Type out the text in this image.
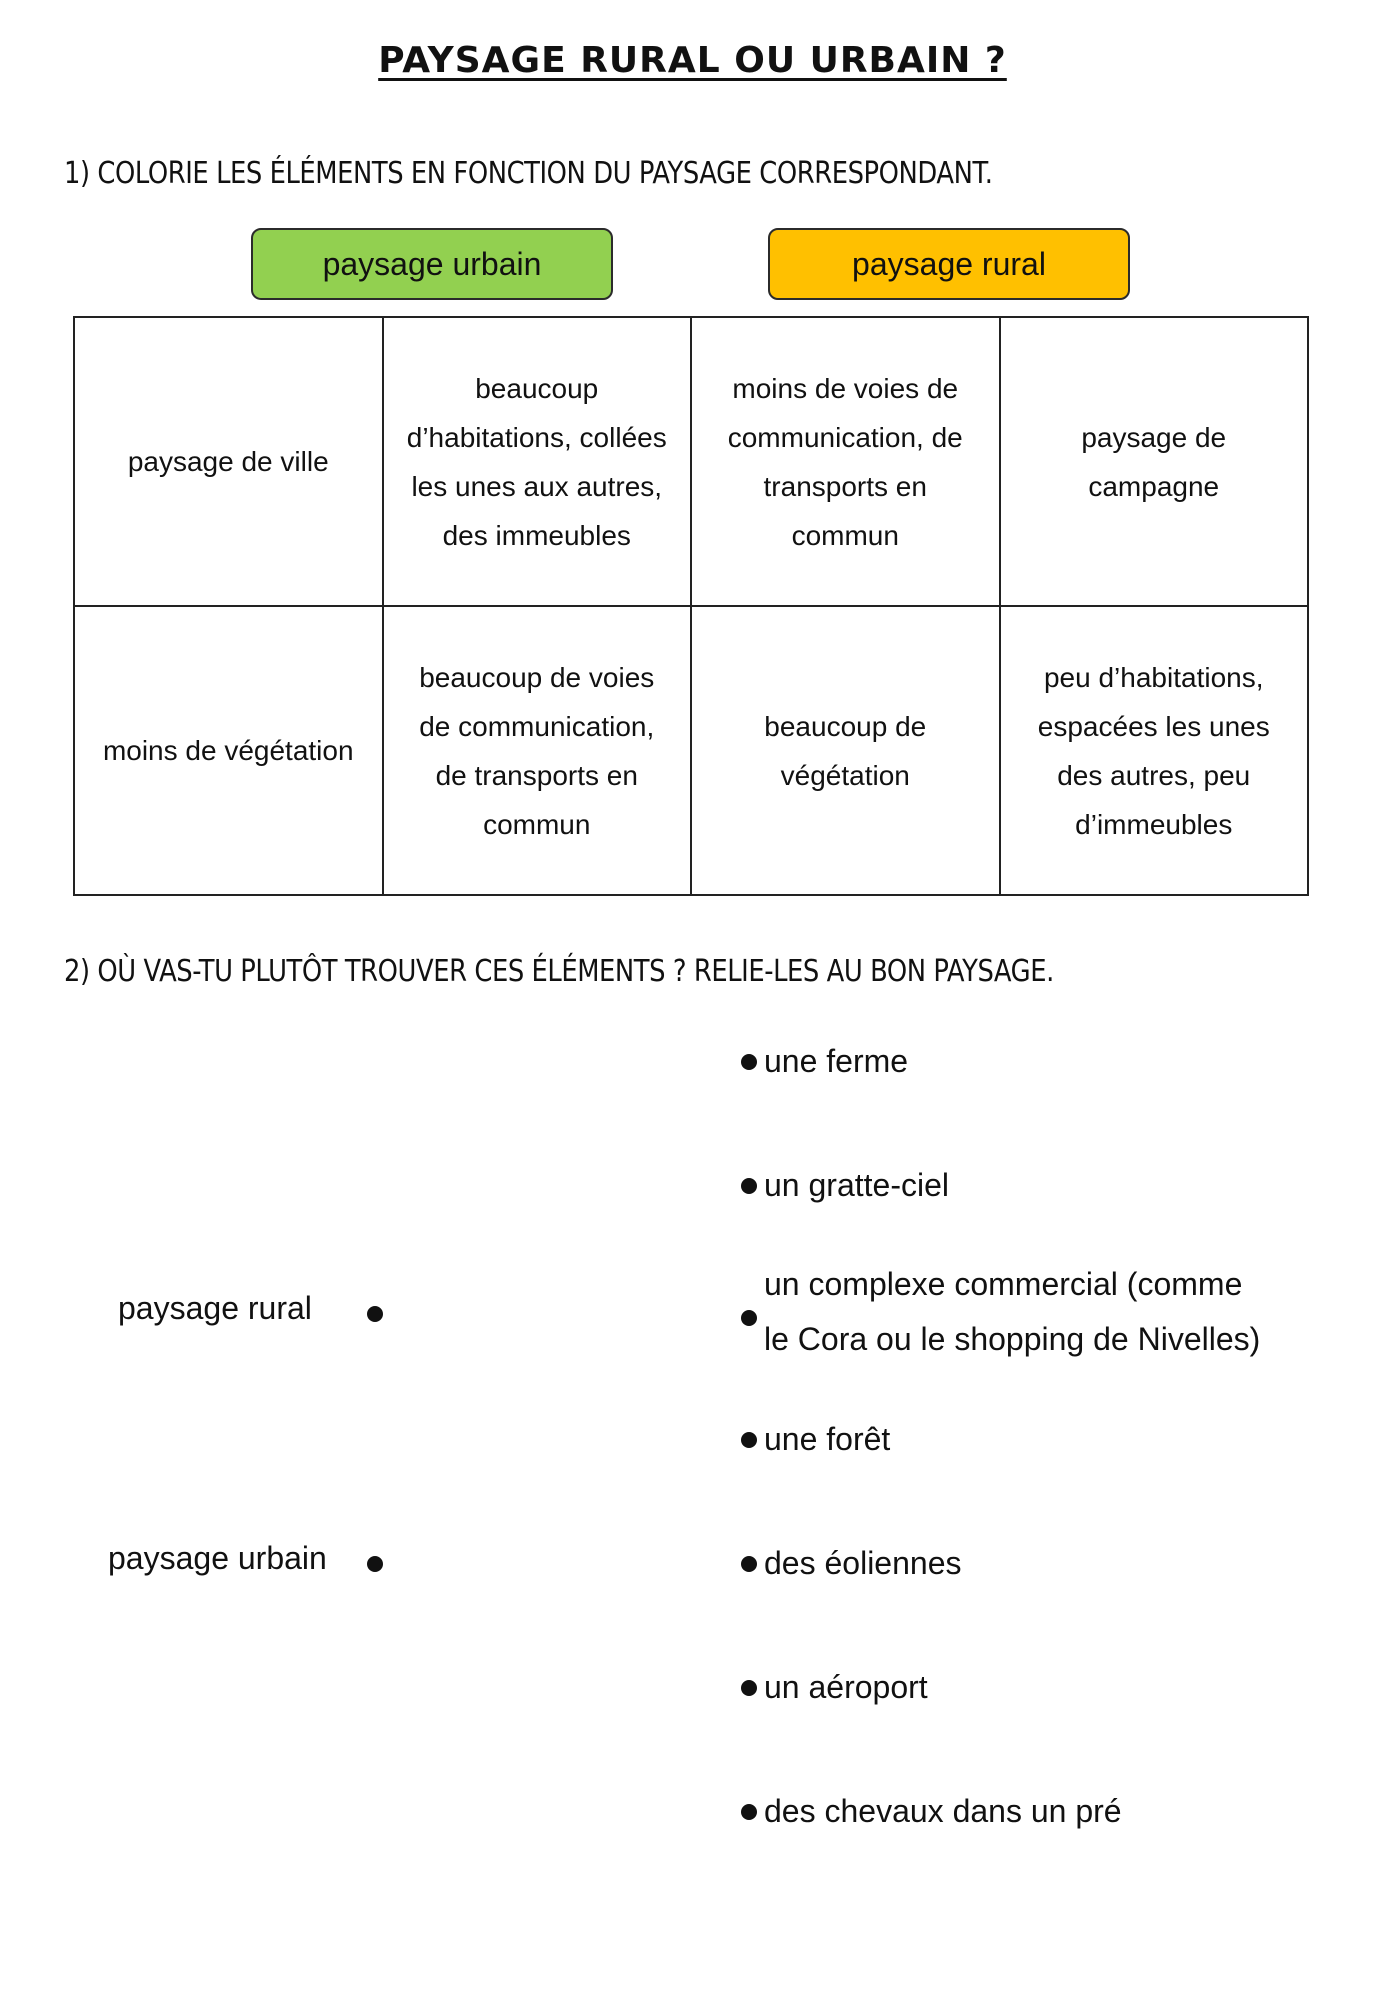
PAYSAGE RURAL OU URBAIN ?
1) COLORIE LES ÉLÉMENTS EN FONCTION DU PAYSAGE CORRESPONDANT.
paysage urbain	paysage rural
paysage de ville	beaucoup d’habitations, collées les unes aux autres, des immeubles	moins de voies de communication, de transports en commun	paysage de campagne
moins de végétation	beaucoup de voies de communication, de transports en commun	beaucoup de végétation	peu d’habitations, espacées les unes des autres, peu d’immeubles
2) OÙ VAS-TU PLUTÔT TROUVER CES ÉLÉMENTS ? RELIE-LES AU BON PAYSAGE.
paysage rural
paysage urbain
une ferme
un gratte-ciel
un complexe commercial (comme
le Cora ou le shopping de Nivelles)
une forêt
des éoliennes
un aéroport
des chevaux dans un pré
